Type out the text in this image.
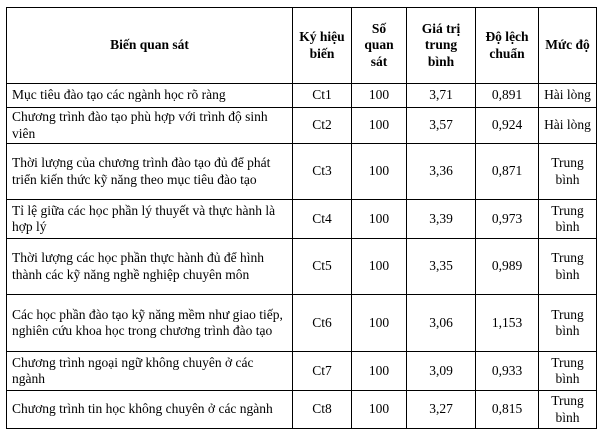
Biến quan sát	Ký hiệu biến	Số quan sát	Giá trị trung bình	Độ lệch chuẩn	Mức độ
Mục tiêu đào tạo các ngành học rõ ràng	Ct1	100	3,71	0,891	Hài lòng
Chương trình đào tạo phù hợp với trình độ sinh viên	Ct2	100	3,57	0,924	Hài lòng
Thời lượng của chương trình đào tạo đủ để phát triển kiến thức kỹ năng theo mục tiêu đào tạo	Ct3	100	3,36	0,871	Trung bình
Tỉ lệ giữa các học phần lý thuyết và thực hành là hợp lý	Ct4	100	3,39	0,973	Trung bình
Thời lượng các học phần thực hành đủ để hình thành các kỹ năng nghề nghiệp chuyên môn	Ct5	100	3,35	0,989	Trung bình
Các học phần đào tạo kỹ năng mềm như giao tiếp, nghiên cứu khoa học trong chương trình đào tạo	Ct6	100	3,06	1,153	Trung bình
Chương trình ngoại ngữ không chuyên ở các ngành	Ct7	100	3,09	0,933	Trung bình
Chương trình tin học không chuyên ở các ngành	Ct8	100	3,27	0,815	Trung bình
